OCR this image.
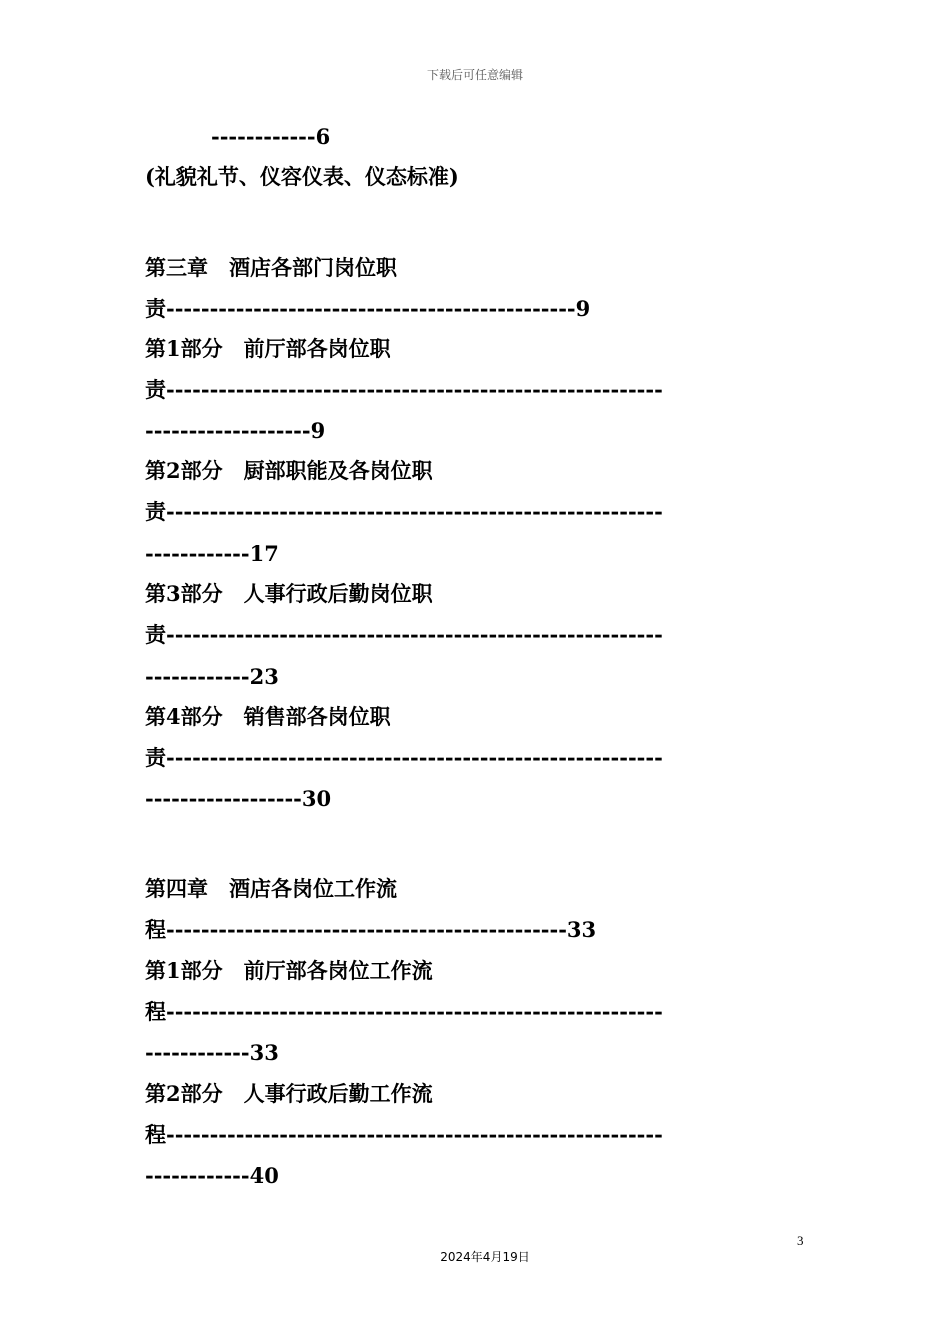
下载后可任意编辑
------------6
(礼貌礼节、仪容仪表、仪态标准)
第三章　酒店各部门岗位职
责-----------------------------------------------9
第1部分　前厅部各岗位职
责---------------------------------------------------------
-------------------9
第2部分　厨部职能及各岗位职
责---------------------------------------------------------
------------17
第3部分　人事行政后勤岗位职
责---------------------------------------------------------
------------23
第4部分　销售部各岗位职
责---------------------------------------------------------
------------------30
第四章　酒店各岗位工作流
程----------------------------------------------33
第1部分　前厅部各岗位工作流
程---------------------------------------------------------
------------33
第2部分　人事行政后勤工作流
程---------------------------------------------------------
------------40
3
2024年4月19日
